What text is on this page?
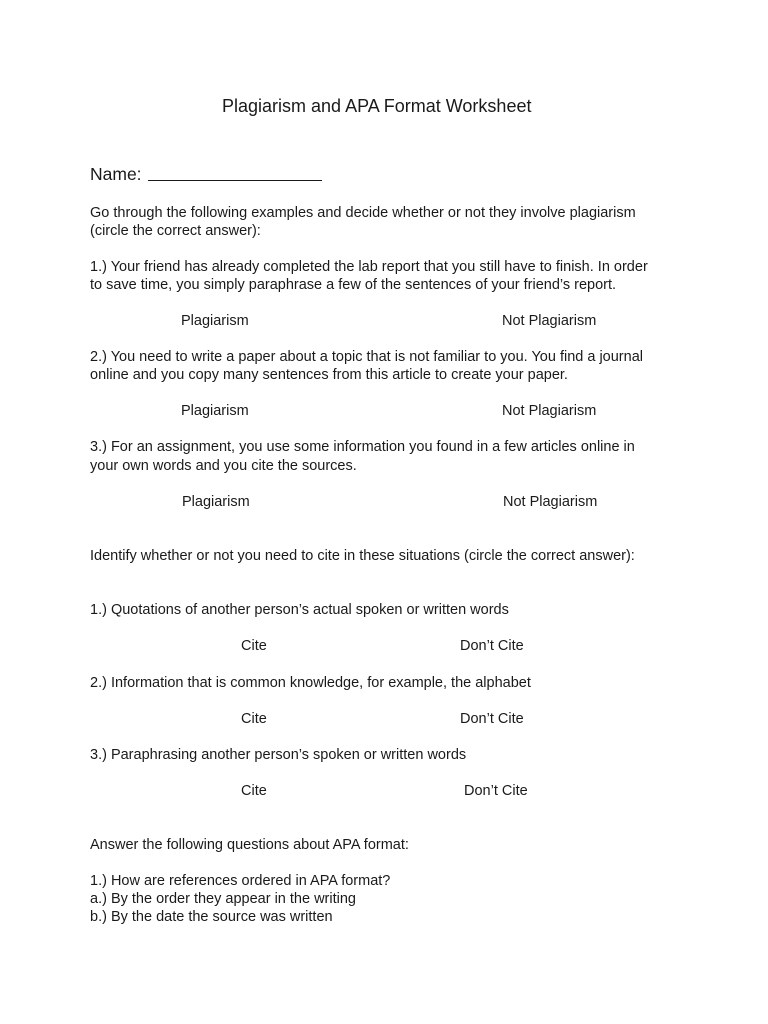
Plagiarism and APA Format Worksheet
Name:
Go through the following examples and decide whether or not they involve plagiarism
(circle the correct answer):
1.) Your friend has already completed the lab report that you still have to finish. In order
to save time, you simply paraphrase a few of the sentences of your friend’s report.
Plagiarism	Not Plagiarism
2.) You need to write a paper about a topic that is not familiar to you. You find a journal
online and you copy many sentences from this article to create your paper.
Plagiarism	Not Plagiarism
3.) For an assignment, you use some information you found in a few articles online in
your own words and you cite the sources.
Plagiarism	Not Plagiarism
Identify whether or not you need to cite in these situations (circle the correct answer):
1.) Quotations of another person’s actual spoken or written words
Cite	Don’t Cite
2.) Information that is common knowledge, for example, the alphabet
Cite	Don’t Cite
3.) Paraphrasing another person’s spoken or written words
Cite	Don’t Cite
Answer the following questions about APA format:
1.) How are references ordered in APA format?
a.) By the order they appear in the writing
b.) By the date the source was written
